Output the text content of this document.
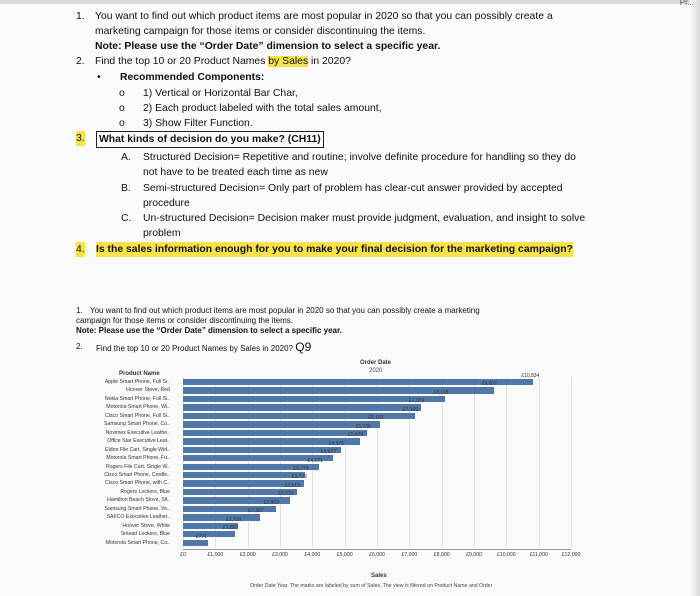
Pr...
1. You want to find out which product items are most popular in 2020 so that you can possibly create a
marketing campaign for those items or consider discontinuing the items.
Note: Please use the “Order Date” dimension to select a specific year.
2. Find the top 10 or 20 Product Names by Sales in 2020?
• Recommended Components:
o 1) Vertical or Horizontal Bar Char,
o 2) Each product labeled with the total sales amount,
o 3) Show Filter Function.
3. What kinds of decision do you make? (CH11)
A. Structured Decision= Repetitive and routine; involve definite procedure for handling so they do
not have to be treated each time as new
B. Semi-structured Decision= Only part of problem has clear-cut answer provided by accepted
procedure
C. Un-structured Decision= Decision maker must provide judgment, evaluation, and insight to solve
problem
4. Is the sales information enough for you to make your final decision for the marketing campaign?
1. You want to find out which product items are most popular in 2020 so that you can possibly create a marketing
campaign for those items or consider discontinuing the items.
Note: Please use the “Order Date” dimension to select a specific year.
2. Find the top 10 or 20 Product Names by Sales in 2020? Q9
Order Date
2020
Product Name
Sales
Order Date Year. The marks are labeled by sum of Sales. The view is filtered on Product Name and Order
Apple Smart Phone, Full Si..
£10,834
Hoover Stove, Red
£9,607
Nokia Smart Phone, Full Si..
£8,118
Motorola Smart Phone, Wi..
£7,359
Cisco Smart Phone, Full Si..
£7,169
Samsung Smart Phone, Co..
£6,102
Novimex Executive Leathe..
£5,706
Office Star Executive Leat..
£5,476
Eldon File Cart, Single Wid..
£4,876
Motorola Smart Phone, Fu..
£4,627
Rogers File Cart, Single W..
£4,221
Cisco Smart Phone, Cordle..
£3,779
Cisco Smart Phone, with C..
£3,729
Rogers Lockers, Blue
£3,513
Hamilton Beach Stove, Sil..
£3,313
Samsung Smart Phone, Vo..
£2,863
SAFCO Executive Leather..
£2,387
Hoover Stove, White
£1,700
Smead Lockers, Blue
£1,607
Motorola Smart Phone, Co..
£771
£0	£1,000	£2,000	£3,000	£4,000	£5,000	£6,000	£7,000	£8,000	£9,000	£10,000	£11,000	£12,000
